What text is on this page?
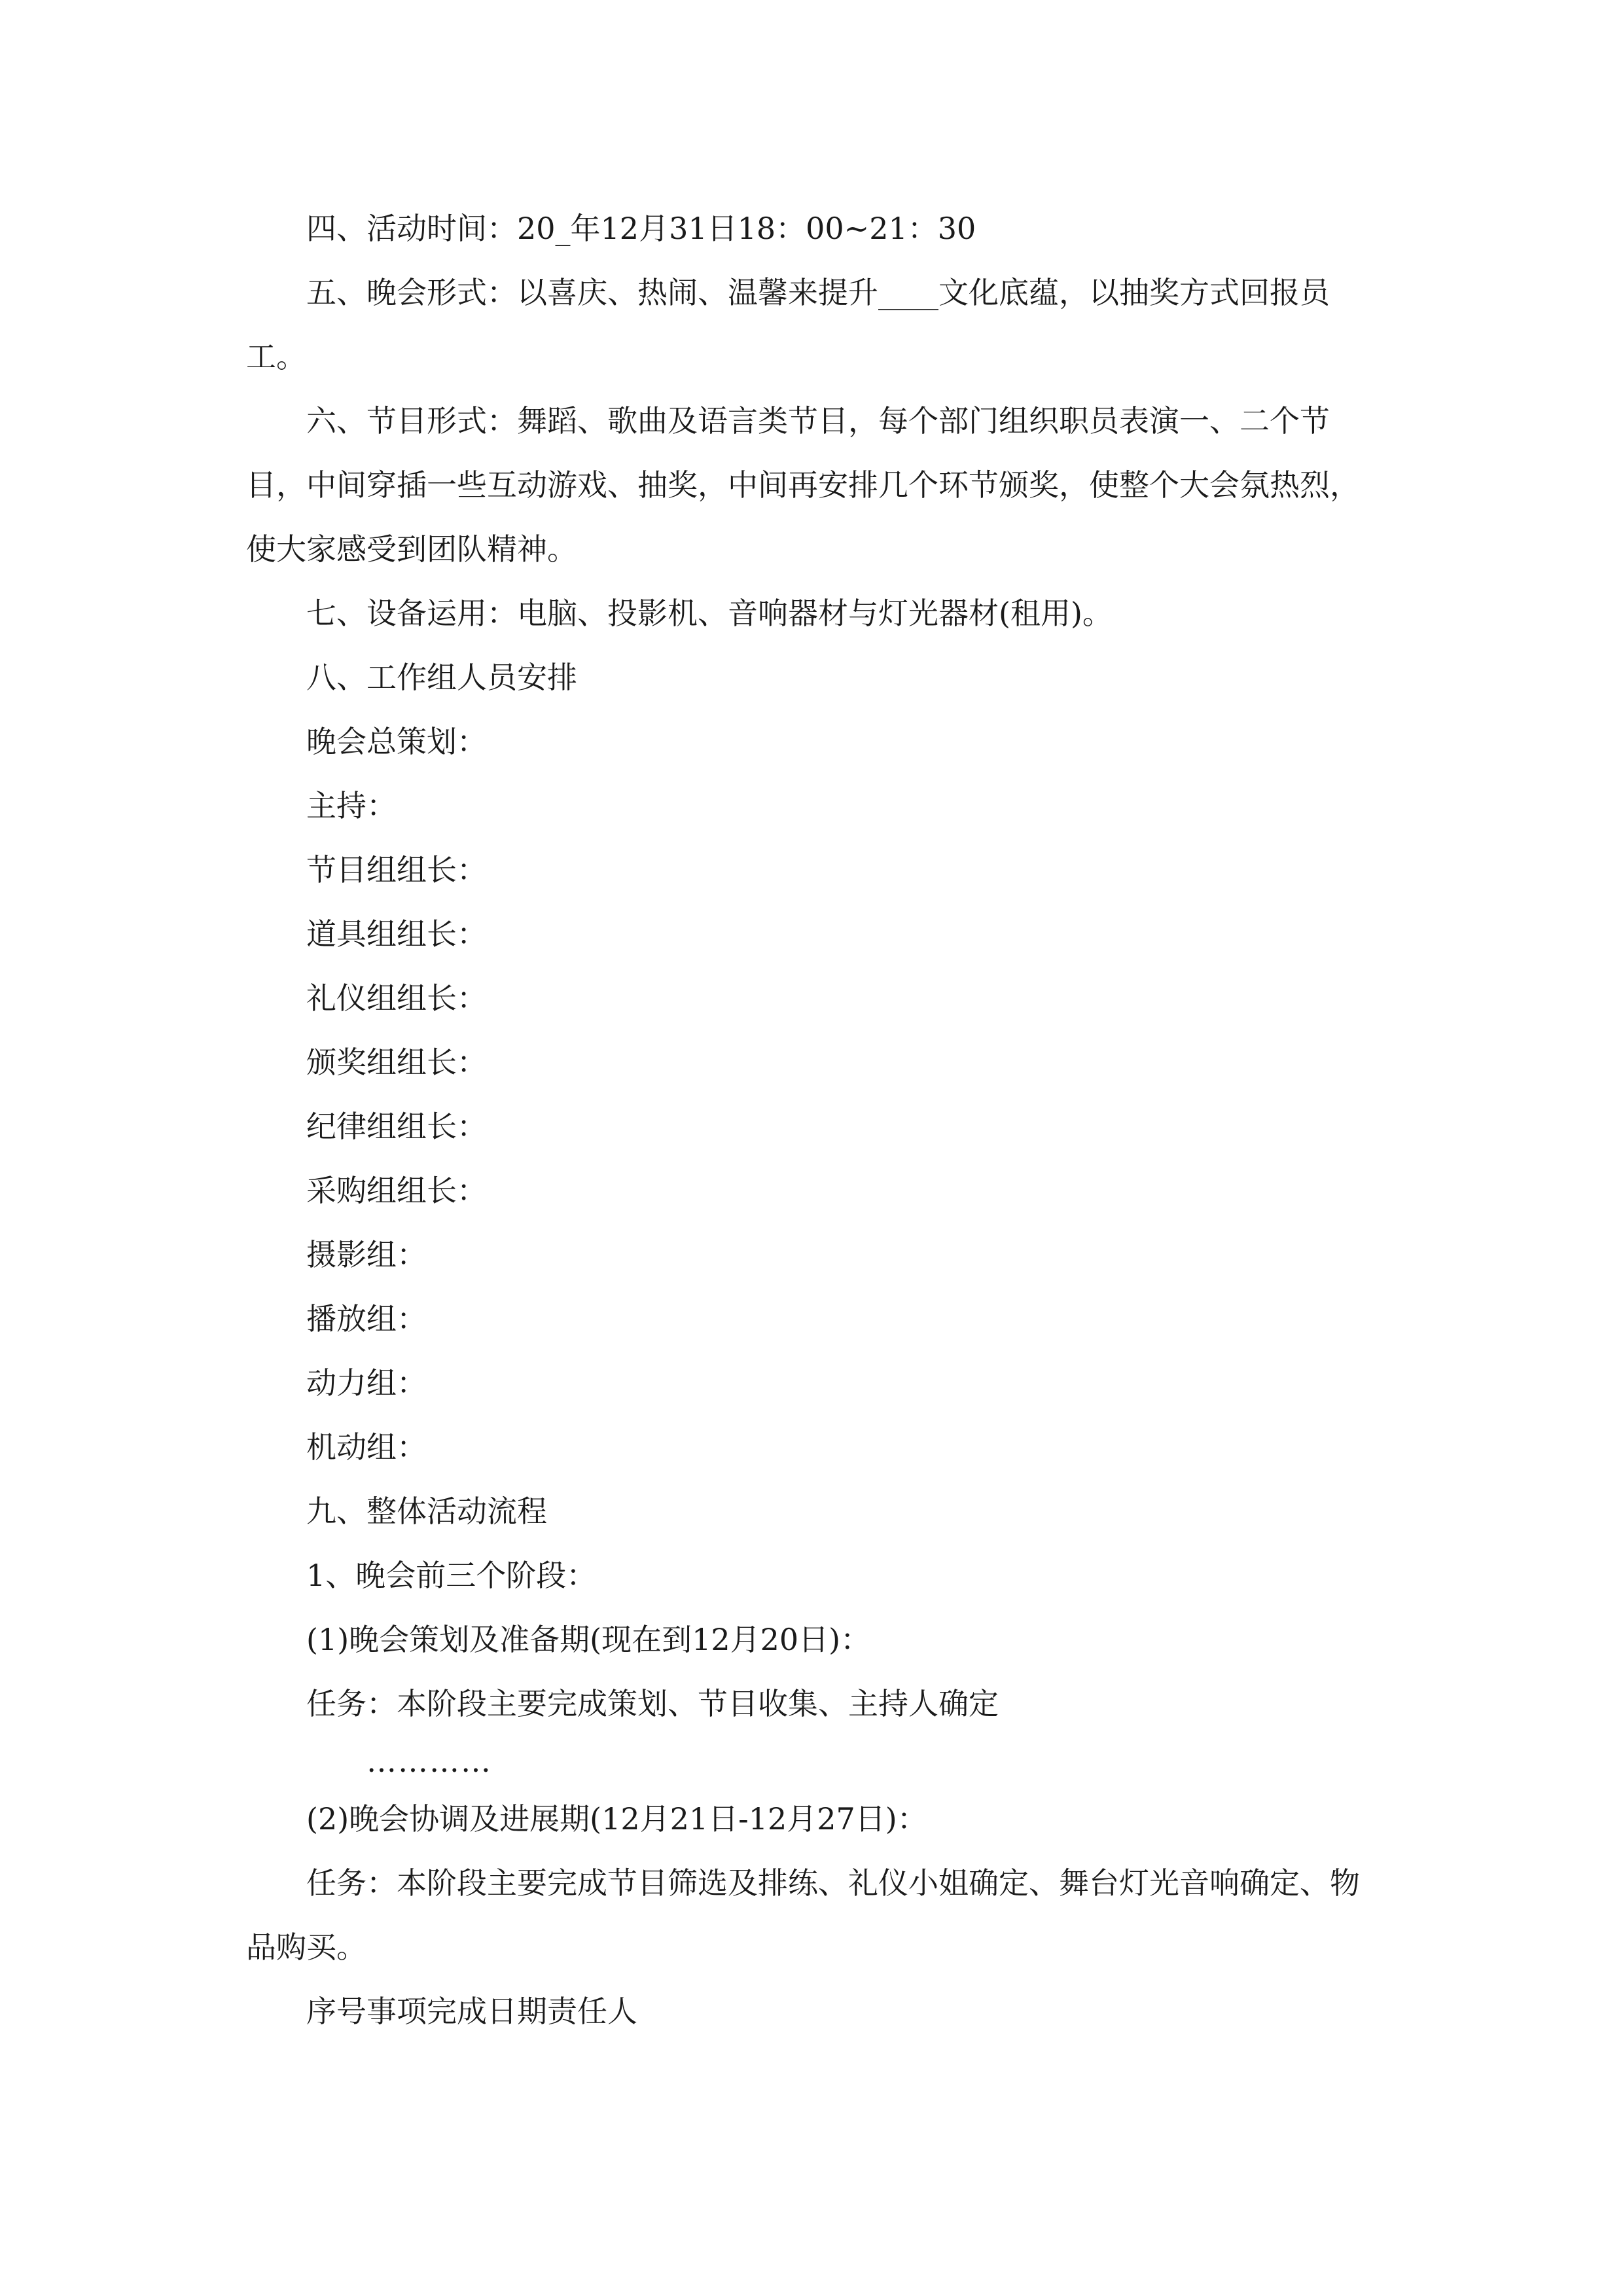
四、活动时间：20_年12月31日18：00~21：30

五、晚会形式：以喜庆、热闹、温馨来提升____文化底蕴，以抽奖方式回报员工。

六、节目形式：舞蹈、歌曲及语言类节目，每个部门组织职员表演一、二个节目，中间穿插一些互动游戏、抽奖，中间再安排几个环节颁奖，使整个大会氛热烈，使大家感受到团队精神。

七、设备运用：电脑、投影机、音响器材与灯光器材(租用)。

八、工作组人员安排

晚会总策划：

主持：

节目组组长：

道具组组长：

礼仪组组长：

颁奖组组长：

纪律组组长：

采购组组长：

摄影组：

播放组：

动力组：

机动组：

九、整体活动流程

1、晚会前三个阶段：

(1)晚会策划及准备期(现在到12月20日)：

任务：本阶段主要完成策划、节目收集、主持人确定

…………

(2)晚会协调及进展期(12月21日-12月27日)：

任务：本阶段主要完成节目筛选及排练、礼仪小姐确定、舞台灯光音响确定、物品购买。

序号事项完成日期责任人
